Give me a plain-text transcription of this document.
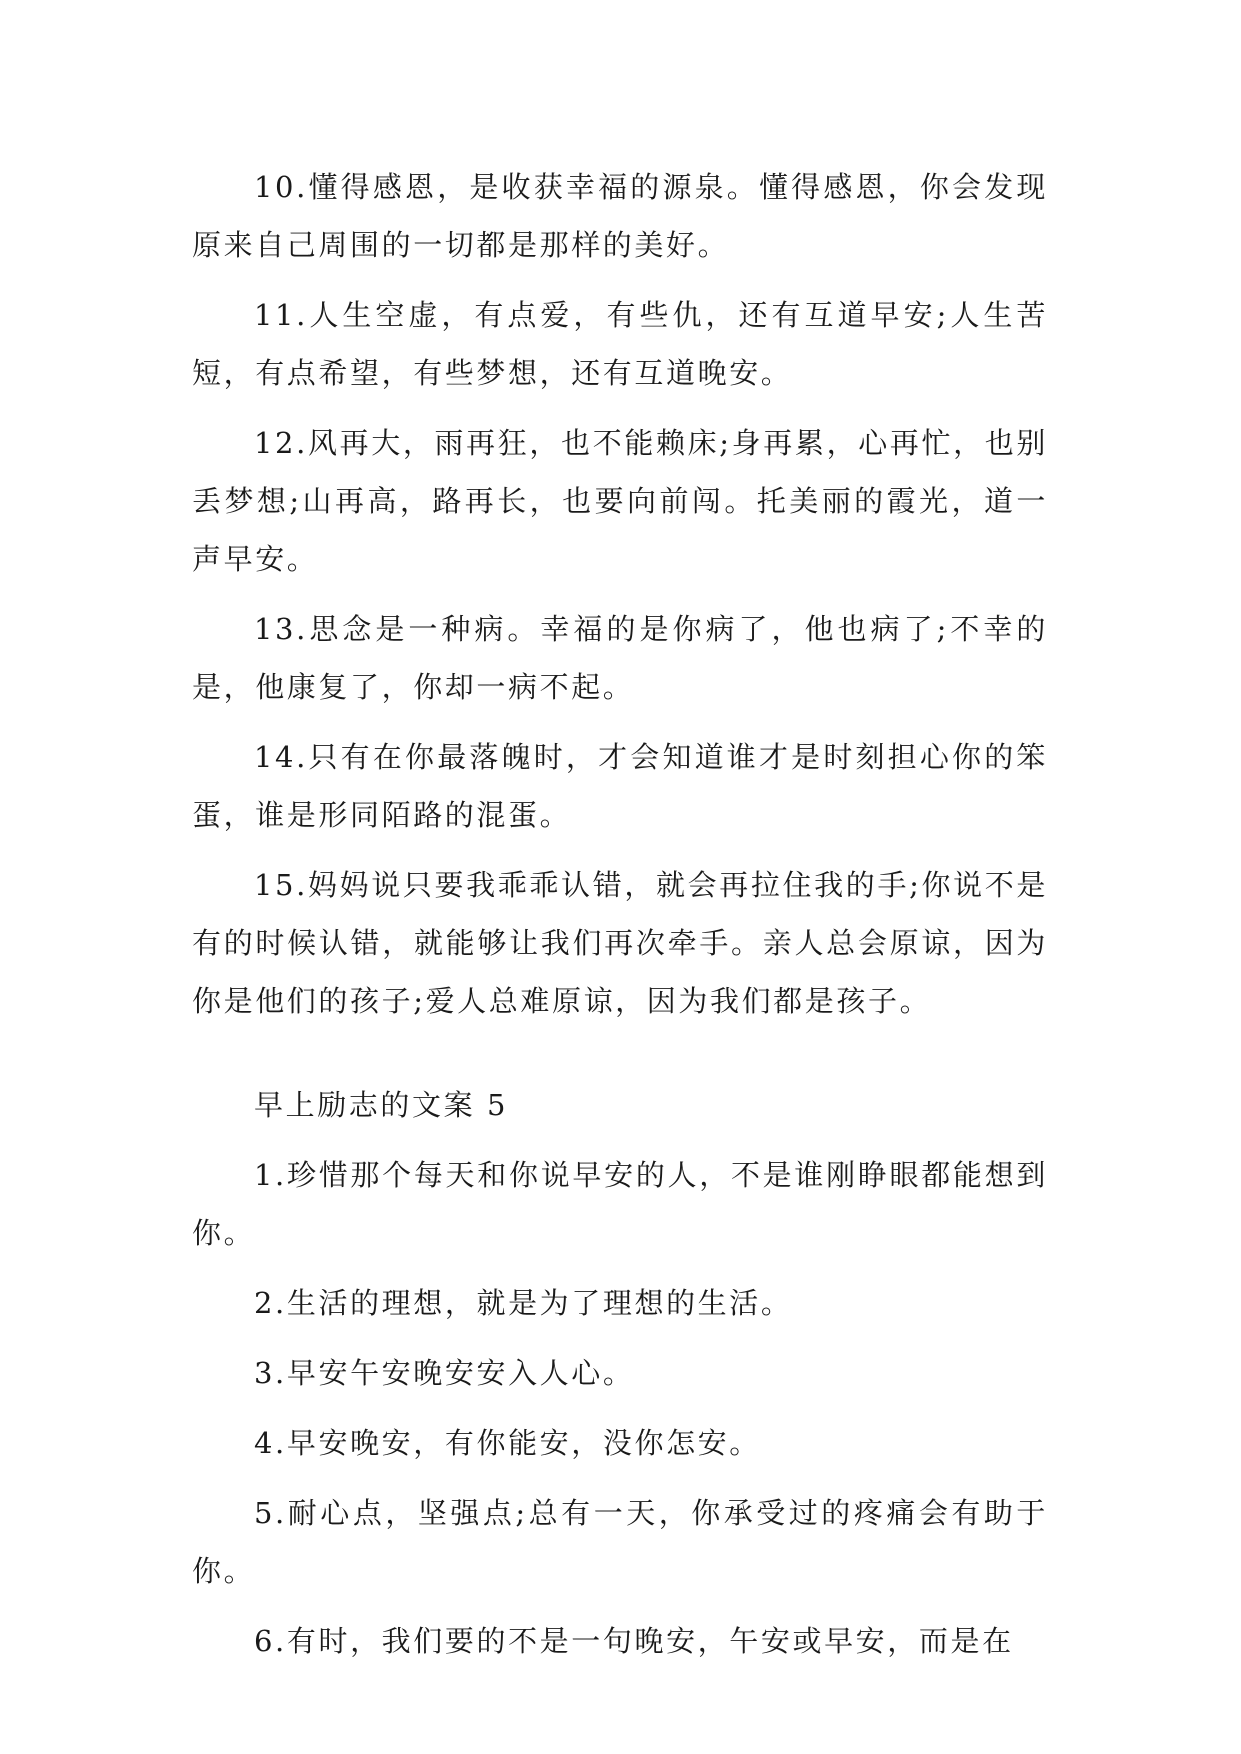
10.懂得感恩，是收获幸福的源泉。懂得感恩，你会发现原来自己周围的一切都是那样的美好。

11.人生空虚，有点爱，有些仇，还有互道早安;人生苦短，有点希望，有些梦想，还有互道晚安。

12.风再大，雨再狂，也不能赖床;身再累，心再忙，也别丢梦想;山再高，路再长，也要向前闯。托美丽的霞光，道一声早安。

13.思念是一种病。幸福的是你病了，他也病了;不幸的是，他康复了，你却一病不起。

14.只有在你最落魄时，才会知道谁才是时刻担心你的笨蛋，谁是形同陌路的混蛋。

15.妈妈说只要我乖乖认错，就会再拉住我的手;你说不是有的时候认错，就能够让我们再次牵手。亲人总会原谅，因为你是他们的孩子;爱人总难原谅，因为我们都是孩子。

早上励志的文案 5

1.珍惜那个每天和你说早安的人，不是谁刚睁眼都能想到你。

2.生活的理想，就是为了理想的生活。

3.早安午安晚安安入人心。

4.早安晚安，有你能安，没你怎安。

5.耐心点，坚强点;总有一天，你承受过的疼痛会有助于你。

6.有时，我们要的不是一句晚安，午安或早安，而是在
